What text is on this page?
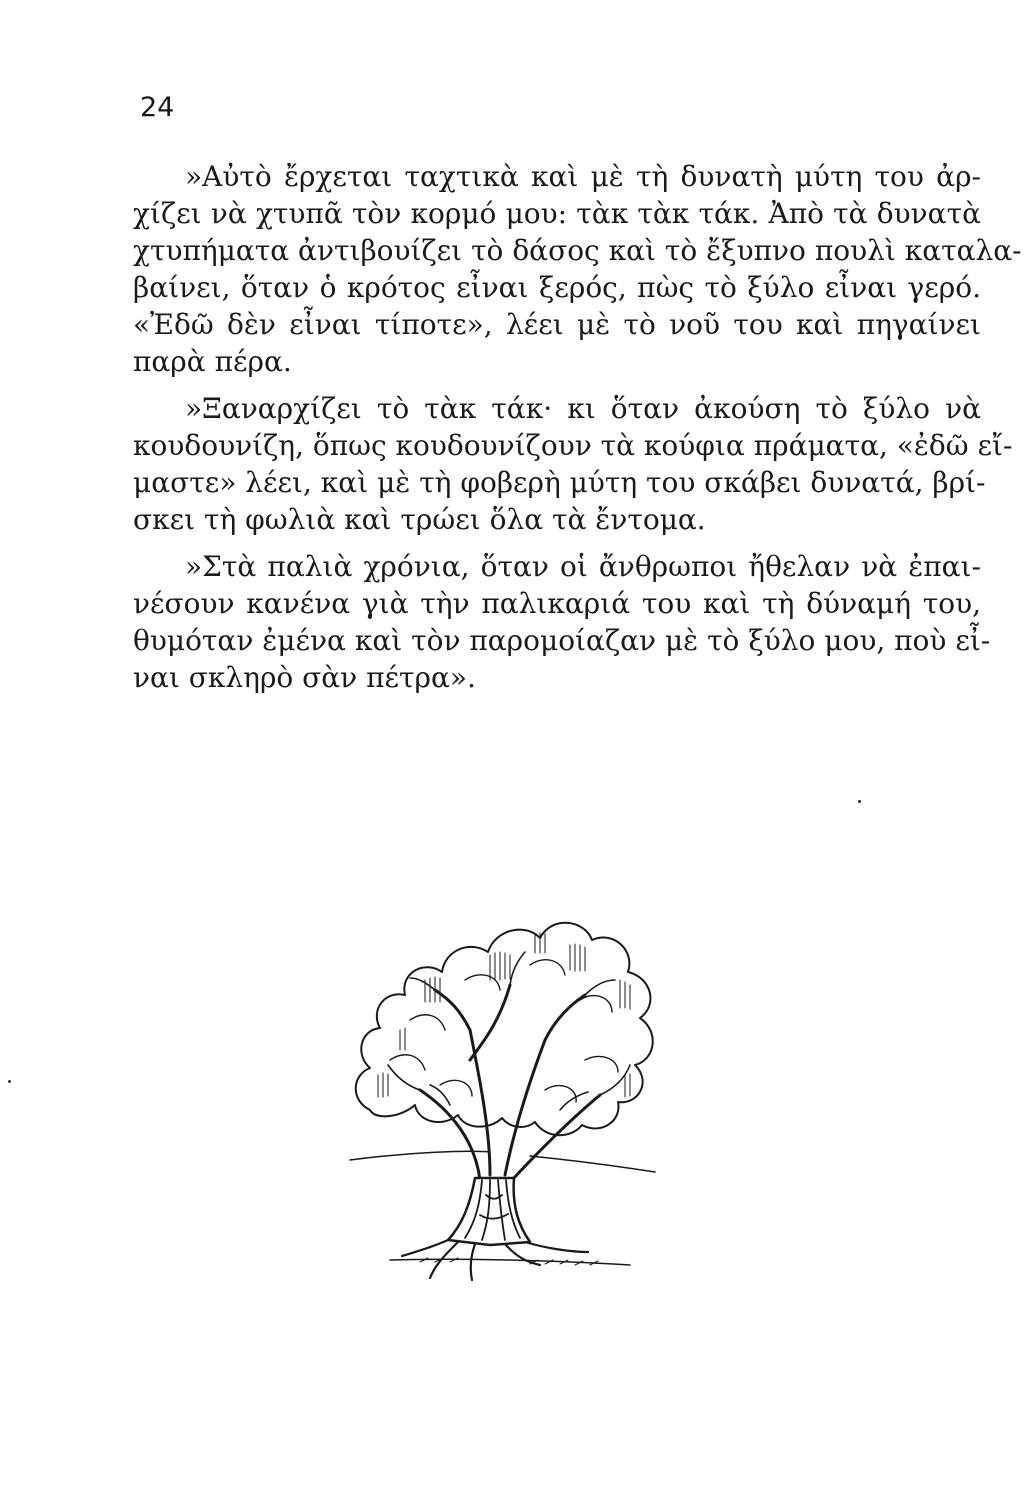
24
»Αὐτὸ ἔρχεται ταχτικὰ καὶ μὲ τὴ δυνατὴ μύτη του ἀρ-
χίζει νὰ χτυπᾶ τὸν κορμό μου: τὰκ τὰκ τάκ. Ἀπὸ τὰ δυνατὰ
χτυπήματα ἀντιβουίζει τὸ δάσος καὶ τὸ ἔξυπνο πουλὶ καταλα-
βαίνει, ὅταν ὁ κρότος εἶναι ξερός, πὼς τὸ ξύλο εἶναι γερό.
«Ἐδῶ δὲν εἶναι τίποτε», λέει μὲ τὸ νοῦ του καὶ πηγαίνει
παρὰ πέρα.
»Ξαναρχίζει τὸ τὰκ τάκ· κι ὅταν ἀκούση τὸ ξύλο νὰ
κουδουνίζη, ὅπως κουδουνίζουν τὰ κούφια πράματα, «ἐδῶ εἴ-
μαστε» λέει, καὶ μὲ τὴ φοβερὴ μύτη του σκάβει δυνατά, βρί-
σκει τὴ φωλιὰ καὶ τρώει ὅλα τὰ ἔντομα.
»Στὰ παλιὰ χρόνια, ὅταν οἱ ἄνθρωποι ἤθελαν νὰ ἐπαι-
νέσουν κανένα γιὰ τὴν παλικαριά του καὶ τὴ δύναμή του,
θυμόταν ἐμένα καὶ τὸν παρομοίαζαν μὲ τὸ ξύλο μου, ποὺ εἶ-
ναι σκληρὸ σὰν πέτρα».
